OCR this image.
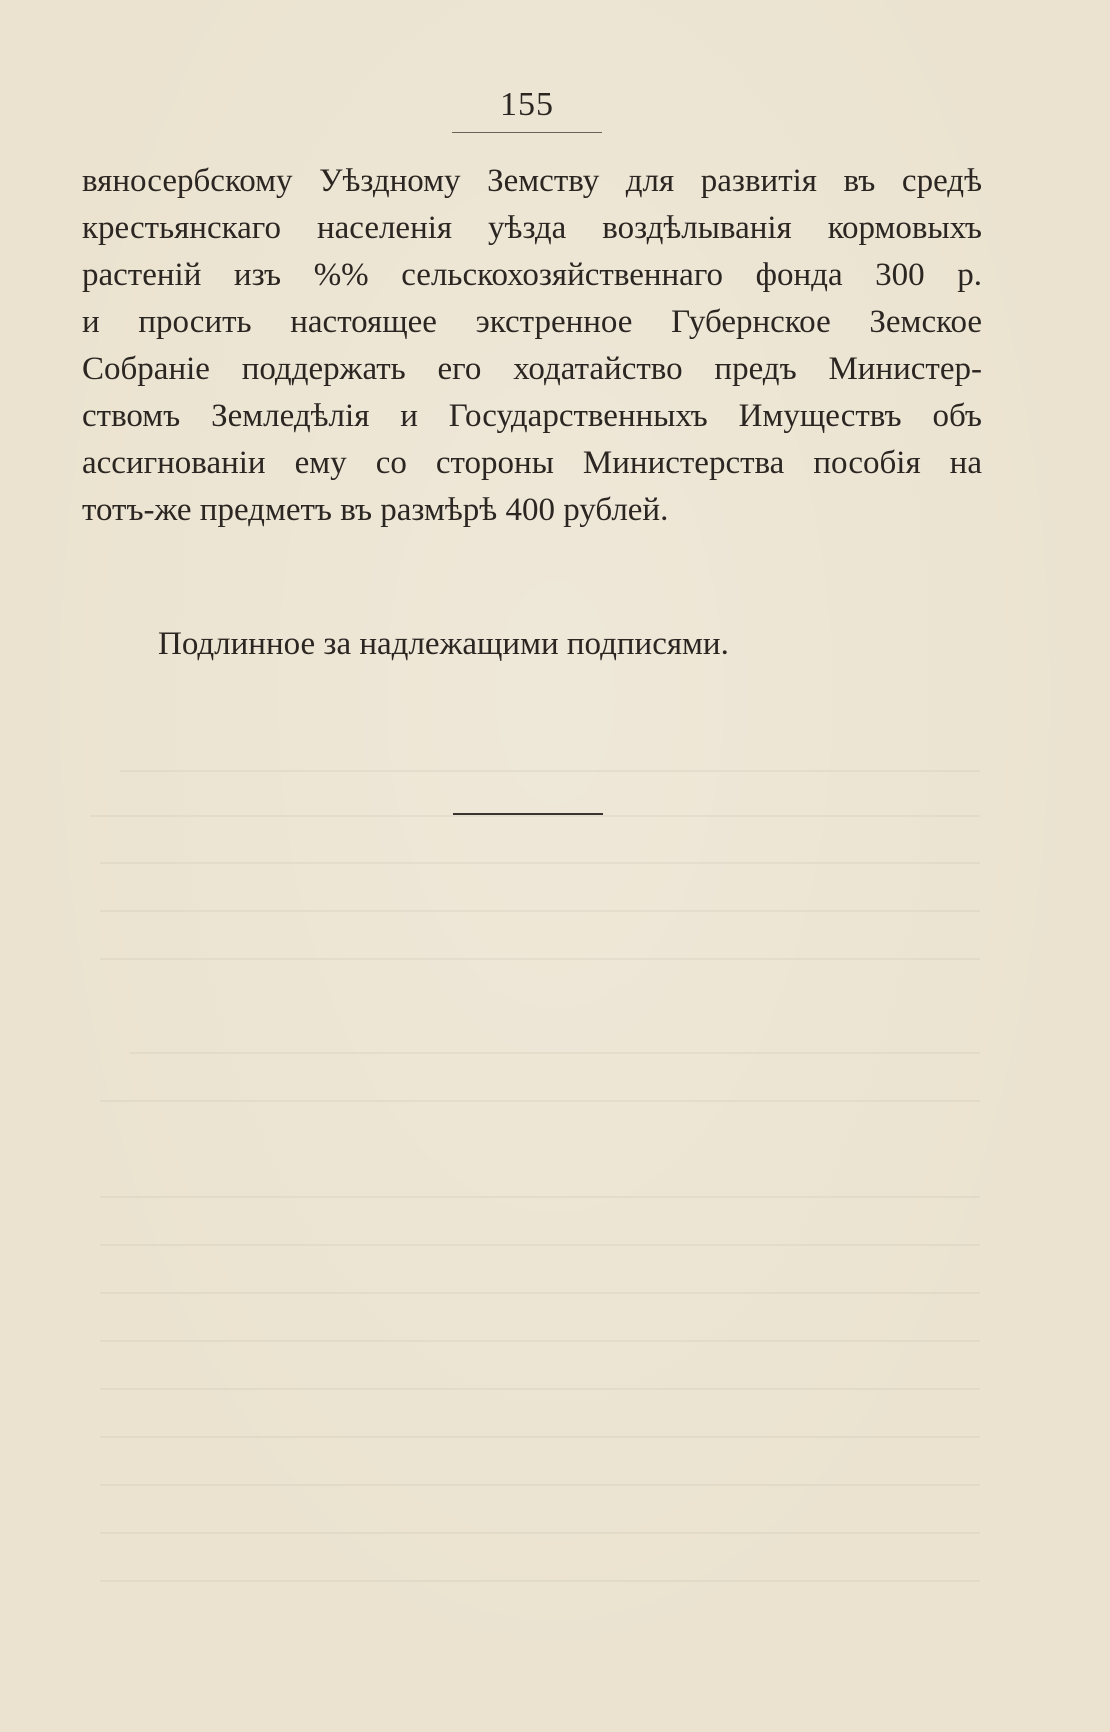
155
вяносербскому Уѣздному Земству для развитія въ средѣ
крестьянскаго населенія уѣзда воздѣлыванія кормовыхъ
растеній изъ %% сельскохозяйственнаго фонда 300 р.
и просить настоящее экстренное Губернское Земское
Собраніе поддержать его ходатайство предъ Министер-
ствомъ Земледѣлія и Государственныхъ Имуществъ объ
ассигнованіи ему со стороны Министерства пособія на
тотъ-же предметъ въ размѣрѣ 400 рублей.
Подлинное за надлежащими подписями.
